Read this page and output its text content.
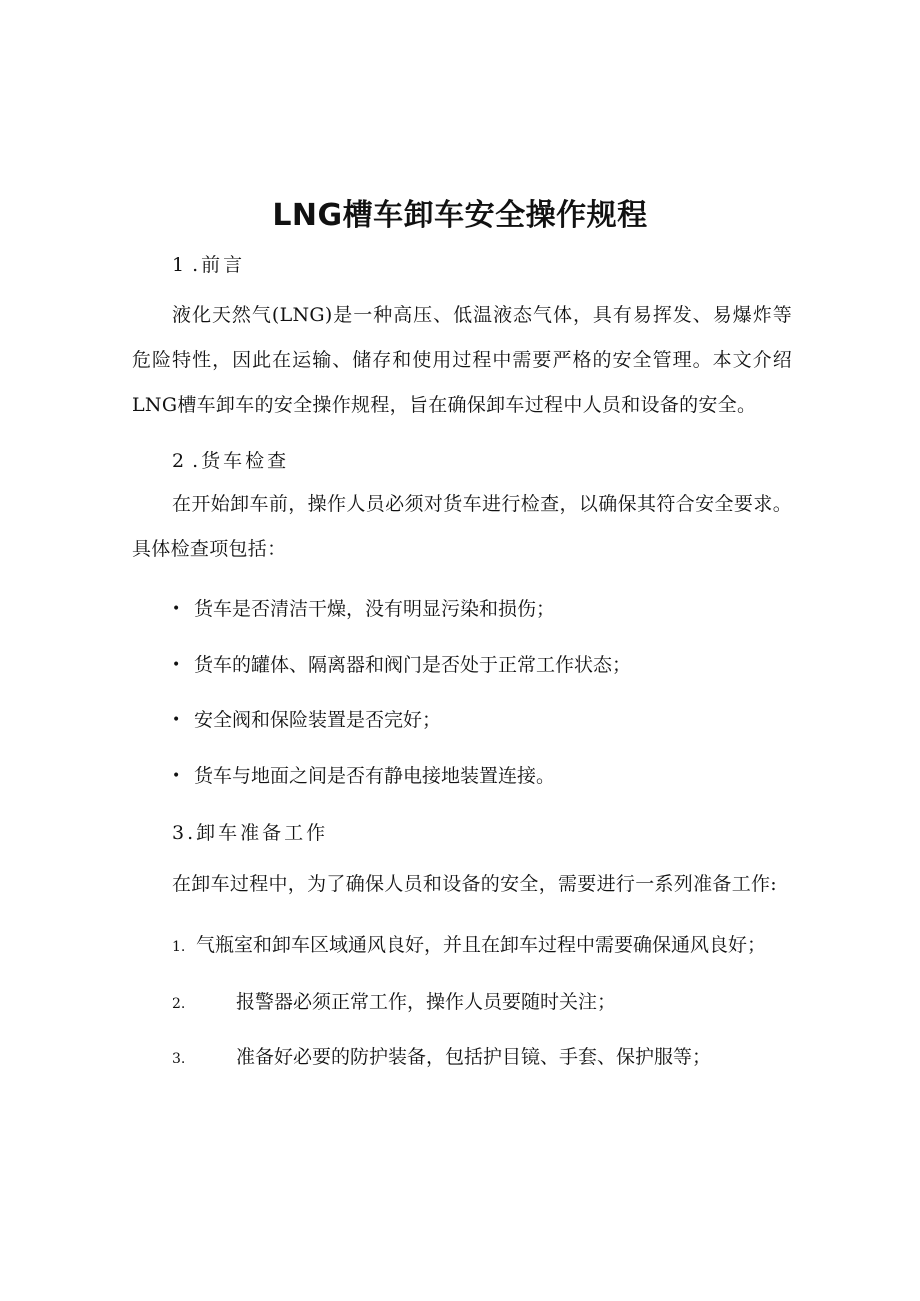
LNG槽车卸车安全操作规程
1.前言
液化天然气(LNG)是一种高压、低温液态气体，具有易挥发、易爆炸等危险特性，因此在运输、储存和使用过程中需要严格的安全管理。本文介绍LNG槽车卸车的安全操作规程，旨在确保卸车过程中人员和设备的安全。
2.货车检查
在开始卸车前，操作人员必须对货车进行检查，以确保其符合安全要求。具体检查项包括：
• 货车是否清洁干燥，没有明显污染和损伤；
• 货车的罐体、隔离器和阀门是否处于正常工作状态；
• 安全阀和保险装置是否完好；
• 货车与地面之间是否有静电接地装置连接。
3.卸车准备工作
在卸车过程中，为了确保人员和设备的安全，需要进行一系列准备工作:
1. 气瓶室和卸车区域通风良好，并且在卸车过程中需要确保通风良好；
2.	报警器必须正常工作，操作人员要随时关注；
3.	准备好必要的防护装备，包括护目镜、手套、保护服等；
